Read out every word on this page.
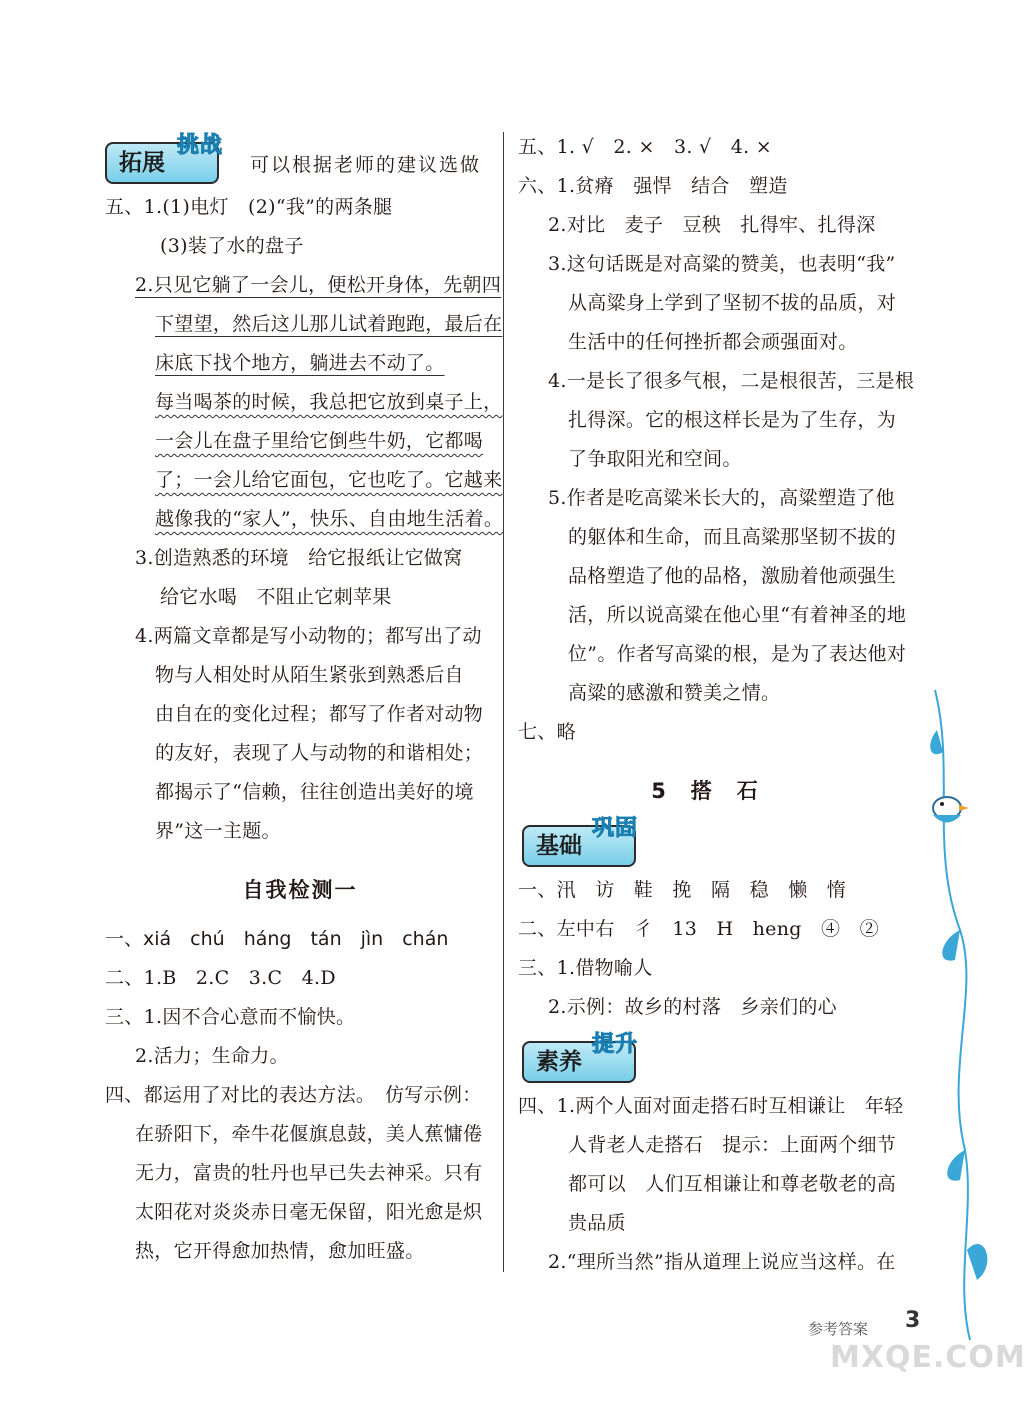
拓展
挑战
可以根据老师的建议选做
五、1.(1)电灯　(2)“我”的两条腿
(3)装了水的盘子
2.只见它躺了一会儿，便松开身体，先朝四
下望望，然后这儿那儿试着跑跑，最后在
床底下找个地方，躺进去不动了。
每当喝茶的时候，我总把它放到桌子上，
一会儿在盘子里给它倒些牛奶，它都喝
了；一会儿给它面包，它也吃了。它越来
越像我的“家人”，快乐、自由地生活着。
3.创造熟悉的环境　给它报纸让它做窝
给它水喝　不阻止它刺苹果
4.两篇文章都是写小动物的；都写出了动
物与人相处时从陌生紧张到熟悉后自
由自在的变化过程；都写了作者对动物
的友好，表现了人与动物的和谐相处；
都揭示了“信赖，往往创造出美好的境
界”这一主题。
自我检测一
一、xiá　chú　háng　tán　jìn　chán
二、1.B　2.C　3.C　4.D
三、1.因不合心意而不愉快。
2.活力；生命力。
四、都运用了对比的表达方法。　仿写示例：
在骄阳下，牵牛花偃旗息鼓，美人蕉慵倦
无力，富贵的牡丹也早已失去神采。只有
太阳花对炎炎赤日毫无保留，阳光愈是炽
热，它开得愈加热情，愈加旺盛。
五、1. √　2. ×　3. √　4. ×
六、1.贫瘠　强悍　结合　塑造
2.对比　麦子　豆秧　扎得牢、扎得深
3.这句话既是对高粱的赞美，也表明“我”
从高粱身上学到了坚韧不拔的品质，对
生活中的任何挫折都会顽强面对。
4.一是长了很多气根，二是根很苦，三是根
扎得深。它的根这样长是为了生存，为
了争取阳光和空间。
5.作者是吃高粱米长大的，高粱塑造了他
的躯体和生命，而且高粱那坚韧不拔的
品格塑造了他的品格，激励着他顽强生
活，所以说高粱在他心里“有着神圣的地
位”。作者写高粱的根，是为了表达他对
高粱的感激和赞美之情。
七、略
5　搭　石
基础
巩固
一、汛　访　鞋　挽　隔　稳　懒　惰
二、左中右　彳　13　H　heng　④　②
三、1.借物喻人
2.示例：故乡的村落　乡亲们的心
素养
提升
四、1.两个人面对面走搭石时互相谦让　年轻
人背老人走搭石　提示：上面两个细节
都可以　人们互相谦让和尊老敬老的高
贵品质
2.“理所当然”指从道理上说应当这样。在
参考答案 3
MXQE.COM
